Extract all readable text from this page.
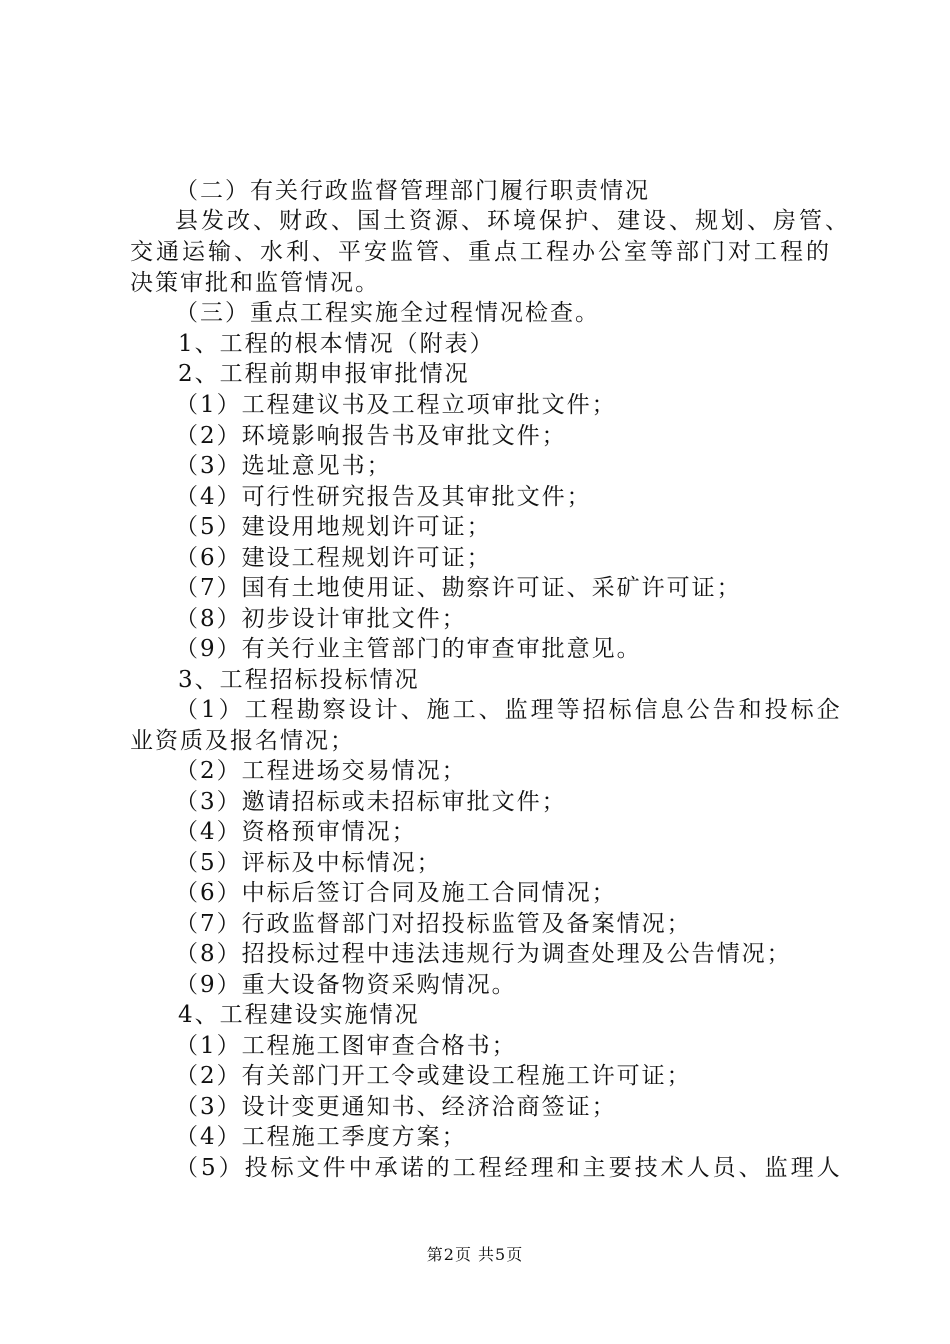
（二）有关行政监督管理部门履行职责情况
县发改、财政、国土资源、环境保护、建设、规划、房管、
交通运输、水利、平安监管、重点工程办公室等部门对工程的
决策审批和监管情况。
（三）重点工程实施全过程情况检查。
1、工程的根本情况（附表）
2、工程前期申报审批情况
（1）工程建议书及工程立项审批文件；
（2）环境影响报告书及审批文件；
（3）选址意见书；
（4）可行性研究报告及其审批文件；
（5）建设用地规划许可证；
（6）建设工程规划许可证；
（7）国有土地使用证、勘察许可证、采矿许可证；
（8）初步设计审批文件；
（9）有关行业主管部门的审查审批意见。
3、工程招标投标情况
（1）工程勘察设计、施工、监理等招标信息公告和投标企
业资质及报名情况；
（2）工程进场交易情况；
（3）邀请招标或未招标审批文件；
（4）资格预审情况；
（5）评标及中标情况；
（6）中标后签订合同及施工合同情况；
（7）行政监督部门对招投标监管及备案情况；
（8）招投标过程中违法违规行为调查处理及公告情况；
（9）重大设备物资采购情况。
4、工程建设实施情况
（1）工程施工图审查合格书；
（2）有关部门开工令或建设工程施工许可证；
（3）设计变更通知书、经济洽商签证；
（4）工程施工季度方案；
（5）投标文件中承诺的工程经理和主要技术人员、监理人
第2页 共5页
